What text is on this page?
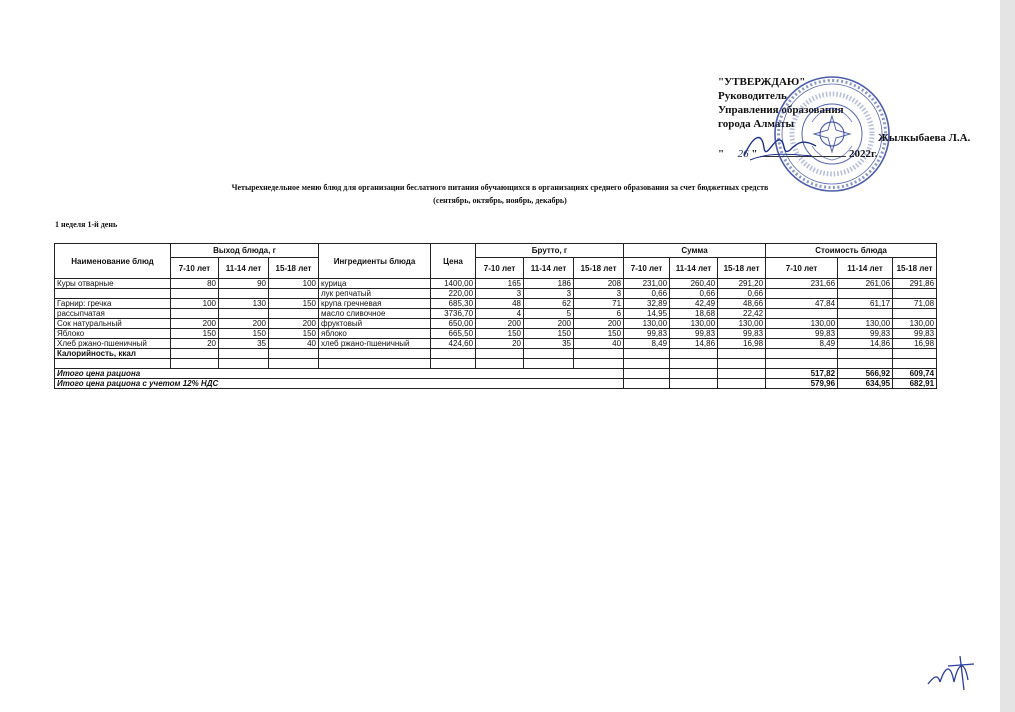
"УТВЕРЖДАЮ"
Руководитель
Управления образования
города Алматы

Жылкыбаева Л.А.
" 26 "	2022г.
Четырехнедельное меню блюд для организации беслатного питания обучающихся в организациях среднего образования за счет бюджетных средств
(сентябрь, октябрь, ноябрь, декабрь)
1 неделя 1-й день
Наименование блюд	Выход блюда, г			Ингредиенты блюда	Цена	Брутто, г			Сумма			Стоимость блюда		
	7-10 лет	11-14 лет	15-18 лет			7-10 лет	11-14 лет	15-18 лет	7-10 лет	11-14 лет	15-18 лет	7-10 лет	11-14 лет	15-18 лет
Куры отварные	80	90	100	курица	1400,00	165	186	208	231,00	260,40	291,20	231,66	261,06	291,86
				лук репчатый	220,00	3	3	3	0,66	0,66	0,66			
Гарнир: гречка	100	130	150	крупа гречневая	685,30	48	62	71	32,89	42,49	48,66	47,84	61,17	71,08
рассыпчатая				масло сливочное	3736,70	4	5	6	14,95	18,68	22,42			
Сок натуральный	200	200	200	фруктовый	650,00	200	200	200	130,00	130,00	130,00	130,00	130,00	130,00
Яблоко	150	150	150	яблоко	665,50	150	150	150	99,83	99,83	99,83	99,83	99,83	99,83
Хлеб ржано-пшеничный	20	35	40	хлеб ржано-пшеничный	424,60	20	35	40	8,49	14,86	16,98	8,49	14,86	16,98
Калорийность, ккал														

Итого цена рациона												517,82	566,92	609,74
Итого цена рациона с учетом 12% НДС												579,96	634,95	682,91
